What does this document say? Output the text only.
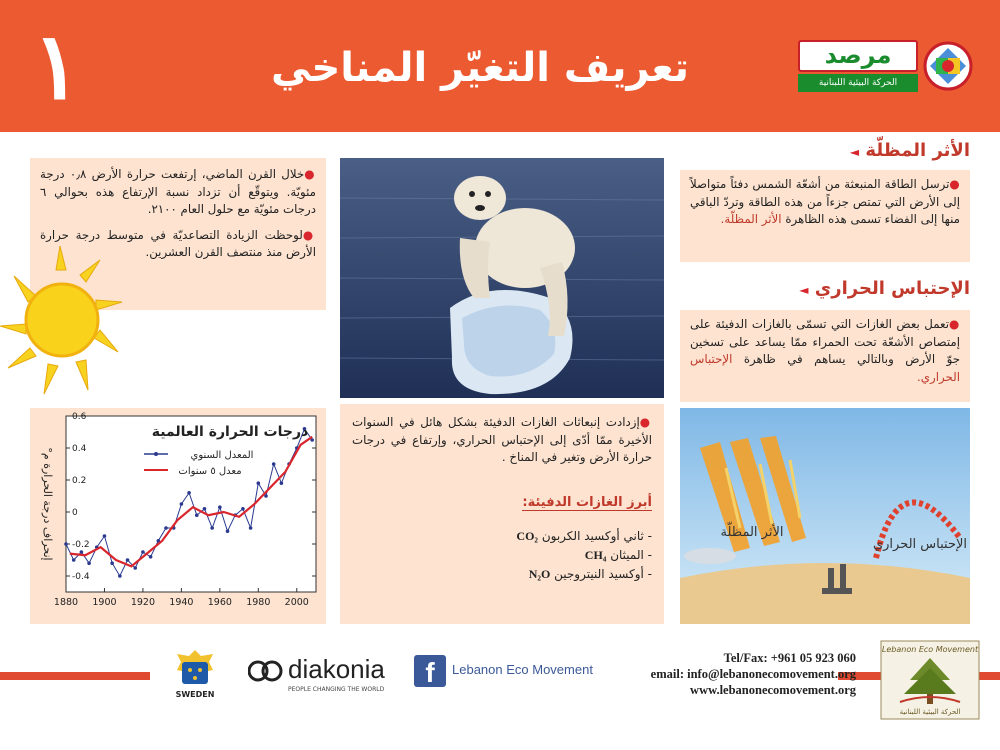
١	تعريف التغيّر المناخي	مرصد
الحركة البيئية اللبنانية

●خلال القرن الماضي، إرتفعت حرارة الأرض ٠٫٨ درجة مئويّة. ويتوقّع أن تزداد نسبة الإرتفاع هذه بحوالي ٦ درجات مئويّة مع حلول العام ٢١٠٠.

●لوحظت الزيادة التصاعديّة في متوسط درجة حرارة الأرض منذ منتصف القرن العشرين.

الأثر المظلّة ◄

●ترسل الطاقة المنبعثة من أشعّة الشمس دفئاً متواصلاً إلى الأرض التي تمتص جزءاً من هذه الطاقة وتردّ الباقي منها إلى الفضاء تسمى هذه الظاهرة الأثر المظلّة.

الإحتباس الحراري ◄

●تعمل بعض الغازات التي تسمّى بالغازات الدفيئة على إمتصاص الأشعّة تحت الحمراء ممّا يساعد على تسخين جوّ الأرض وبالتالي يساهم في ظاهرة الإحتباس الحراري.

●إزدادت إنبعاثات الغازات الدفيئة بشكل هائل في السنوات الأخيرة ممّا أدّى إلى الإحتباس الحراري، وإرتفاع في درجات حرارة الأرض وتغير في المناخ .

أبرز الغازات الدفيئة:
- ثاني أوكسيد الكربون CO₂
- الميثان CH₄
- أوكسيد النيتروجين N₂O
0.6
0.4
0.2
0
-0.2
-0.4
1880 1900 1920 1940 1960 1980 2000
درجات الحرارة العالمية
المعدل السنوي
معدل ٥ سنوات
إنحراف درجة الحرارة م°	الأثر المظلّة
الإحتباس الحراري
SWEDEN
diakonia
PEOPLE CHANGING THE WORLD
f	Lebanon Eco Movement
Tel/Fax: +961 05 923 060
email: info@lebanonecomovement.org
www.lebanonecomovement.org
Lebanon Eco Movement
الحركة البيئية اللبنانية
